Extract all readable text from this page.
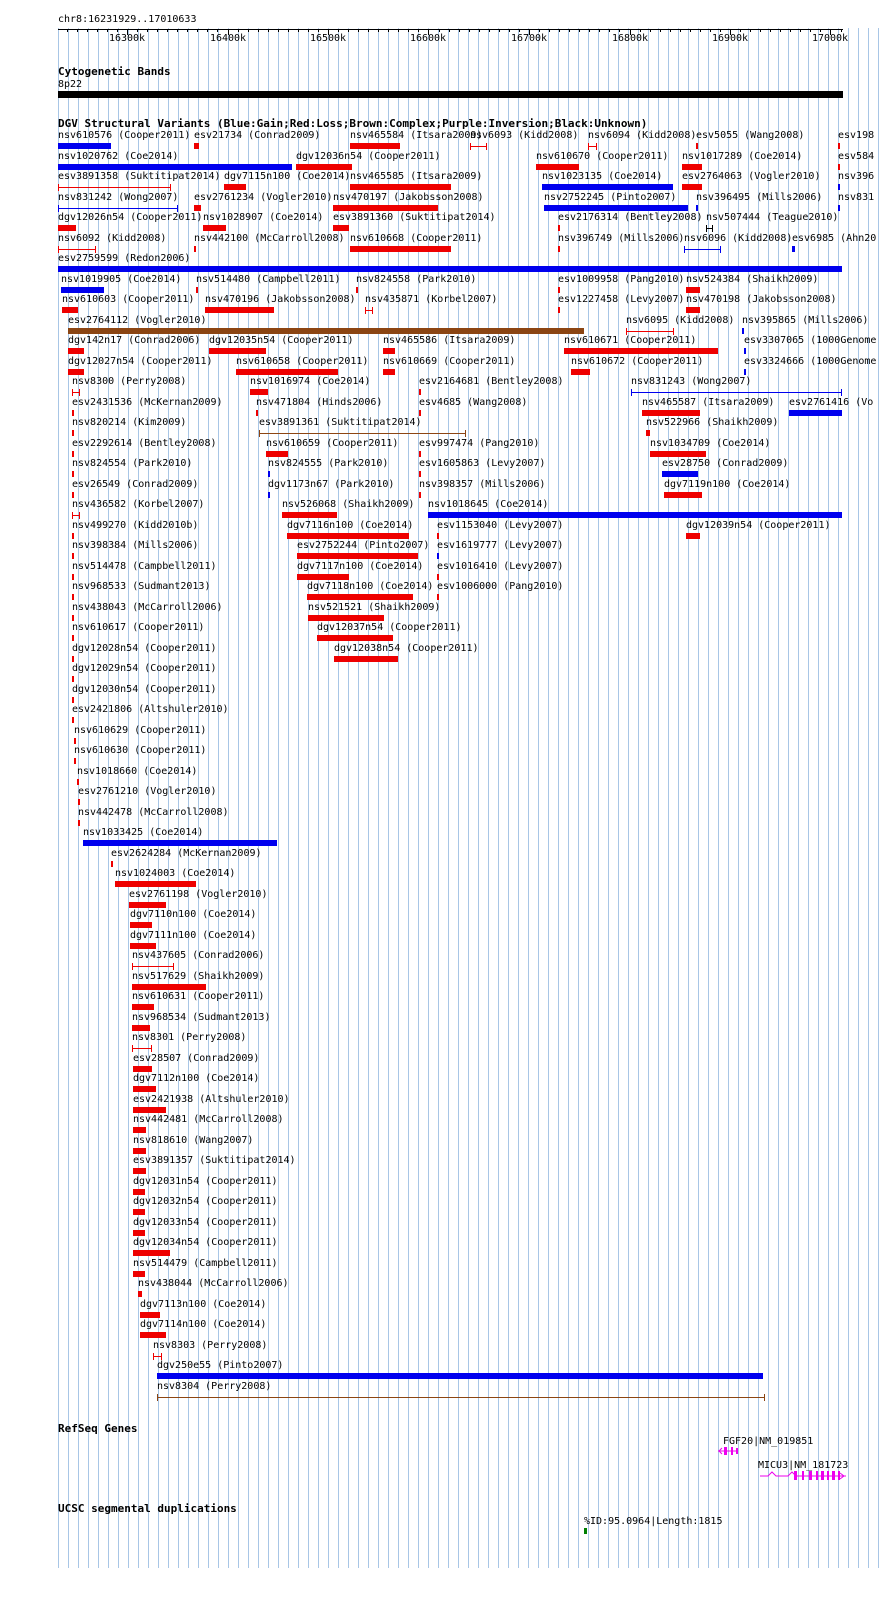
chr8:16231929..17010633
16300k	16400k	16500k	16600k	16700k	16800k	16900k	17000k
Cytogenetic Bands
8p22
DGV Structural Variants (Blue:Gain;Red:Loss;Brown:Complex;Purple:Inversion;Black:Unknown)
nsv610576 (Cooper2011) esv21734 (Conrad2009)	nsv465584 (Itsara2009)
nsv6093 (Kidd2008) nsv6094 (Kidd2008) esv5055 (Wang2008)	esv198
nsv1020762 (Coe2014)	dgv12036n54 (Cooper2011)	nsv610670 (Cooper2011) nsv1017289 (Coe2014)	esv584
esv3891358 (Suktitipat2014) dgv7115n100 (Coe2014) nsv465585 (Itsara2009)	nsv1023135 (Coe2014) esv2764063 (Vogler2010) nsv396
nsv831242 (Wong2007) esv2761234 (Vogler2010) nsv470197 (Jakobsson2008)	nsv2752245 (Pinto2007) nsv396495 (Mills2006) nsv831
dgv12026n54 (Cooper2011) nsv1028907 (Coe2014) esv3891360 (Suktitipat2014)	esv2176314 (Bentley2008) nsv507444 (Teague2010)
nsv6092 (Kidd2008)	nsv442100 (McCarroll2008) nsv610668 (Cooper2011)	nsv396749 (Mills2006) nsv6096 (Kidd2008) esv6985 (Ahn20
esv2759599 (Redon2006)
nsv1019905 (Coe2014) nsv514480 (Campbell2011) nsv824558 (Park2010)	esv1009958 (Pang2010) nsv524384 (Shaikh2009)
nsv610603 (Cooper2011) nsv470196 (Jakobsson2008) nsv435871 (Korbel2007)	esv1227458 (Levy2007) nsv470198 (Jakobsson2008)
esv2764112 (Vogler2010)	nsv6095 (Kidd2008) nsv395865 (Mills2006)
dgv142n17 (Conrad2006) dgv12035n54 (Cooper2011)	nsv465586 (Itsara2009)	nsv610671 (Cooper2011)	esv3307065 (1000Genome
dgv12027n54 (Cooper2011) nsv610658 (Cooper2011) nsv610669 (Cooper2011)	nsv610672 (Cooper2011)	esv3324666 (1000Genome
nsv8300 (Perry2008)	nsv1016974 (Coe2014)	esv2164681 (Bentley2008)	nsv831243 (Wong2007)
esv2431536 (McKernan2009)	nsv471804 (Hinds2006)	esv4685 (Wang2008)	nsv465587 (Itsara2009) esv2761416 (Vo
nsv820214 (Kim2009)	esv3891361 (Suktitipat2014)	nsv522966 (Shaikh2009)
esv2292614 (Bentley2008)	nsv610659 (Cooper2011) esv997474 (Pang2010)	nsv1034709 (Coe2014)
nsv824554 (Park2010)	nsv824555 (Park2010)	esv1605863 (Levy2007)	esv28750 (Conrad2009)
esv26549 (Conrad2009)	dgv1173n67 (Park2010) nsv398357 (Mills2006)	dgv7119n100 (Coe2014)
nsv436582 (Korbel2007)	nsv526068 (Shaikh2009) nsv1018645 (Coe2014)
nsv499270 (Kidd2010b)	dgv7116n100 (Coe2014) esv1153040 (Levy2007)	dgv12039n54 (Cooper2011)
nsv398384 (Mills2006)	esv2752244 (Pinto2007) esv1619777 (Levy2007)
nsv514478 (Campbell2011)	dgv7117n100 (Coe2014) esv1016410 (Levy2007)
nsv968533 (Sudmant2013)	dgv7118n100 (Coe2014) esv1006000 (Pang2010)
nsv438043 (McCarroll2006)	nsv521521 (Shaikh2009)
nsv610617 (Cooper2011)	dgv12037n54 (Cooper2011)
dgv12028n54 (Cooper2011)	dgv12038n54 (Cooper2011)
dgv12029n54 (Cooper2011)
dgv12030n54 (Cooper2011)
esv2421806 (Altshuler2010)
nsv610629 (Cooper2011)
nsv610630 (Cooper2011)
nsv1018660 (Coe2014)
esv2761210 (Vogler2010)
nsv442478 (McCarroll2008)
nsv1033425 (Coe2014)
esv2624284 (McKernan2009)
nsv1024003 (Coe2014)
esv2761198 (Vogler2010)
dgv7110n100 (Coe2014)
dgv7111n100 (Coe2014)
nsv437605 (Conrad2006)
nsv517629 (Shaikh2009)
nsv610631 (Cooper2011)
nsv968534 (Sudmant2013)
nsv8301 (Perry2008)
esv28507 (Conrad2009)
dgv7112n100 (Coe2014)
esv2421938 (Altshuler2010)
nsv442481 (McCarroll2008)
nsv818610 (Wang2007)
esv3891357 (Suktitipat2014)
dgv12031n54 (Cooper2011)
dgv12032n54 (Cooper2011)
dgv12033n54 (Cooper2011)
dgv12034n54 (Cooper2011)
nsv514479 (Campbell2011)
nsv438044 (McCarroll2006)
dgv7113n100 (Coe2014)
dgv7114n100 (Coe2014)
nsv8303 (Perry2008)
dgv250e55 (Pinto2007)
nsv8304 (Perry2008)
RefSeq Genes
FGF20|NM_019851
MICU3|NM_181723
UCSC segmental duplications
%ID:95.0964|Length:1815
